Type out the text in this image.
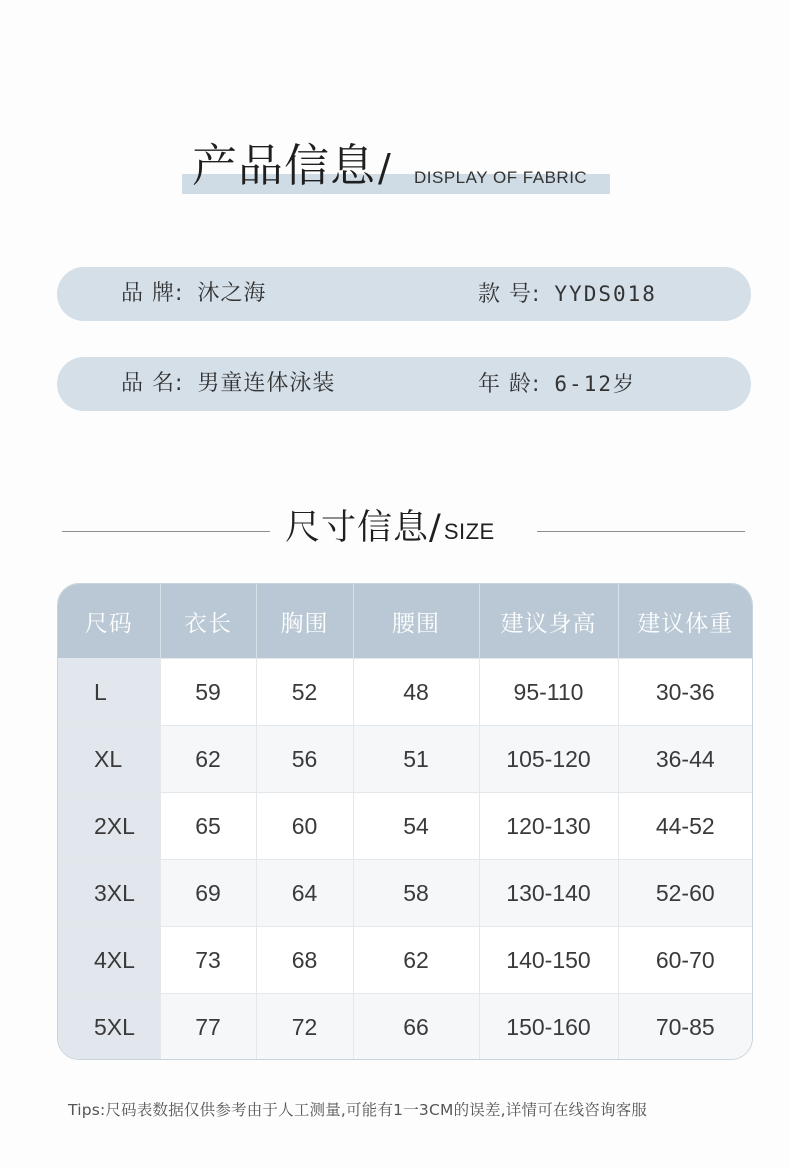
产品信息/ DISPLAY OF FABRIC
品 牌: 沐之海	款 号: YYDS018
品 名: 男童连体泳装	年 龄: 6-12岁
尺寸信息/SIZE
尺码	衣长	胸围	腰围	建议身高	建议体重
L	59	52	48	95-110	30-36
XL	62	56	51	105-120	36-44
2XL	65	60	54	120-130	44-52
3XL	69	64	58	130-140	52-60
4XL	73	68	62	140-150	60-70
5XL	77	72	66	150-160	70-85
Tips:尺码表数据仅供参考由于人工测量,可能有1一3CM的误差,详情可在线咨询客服
